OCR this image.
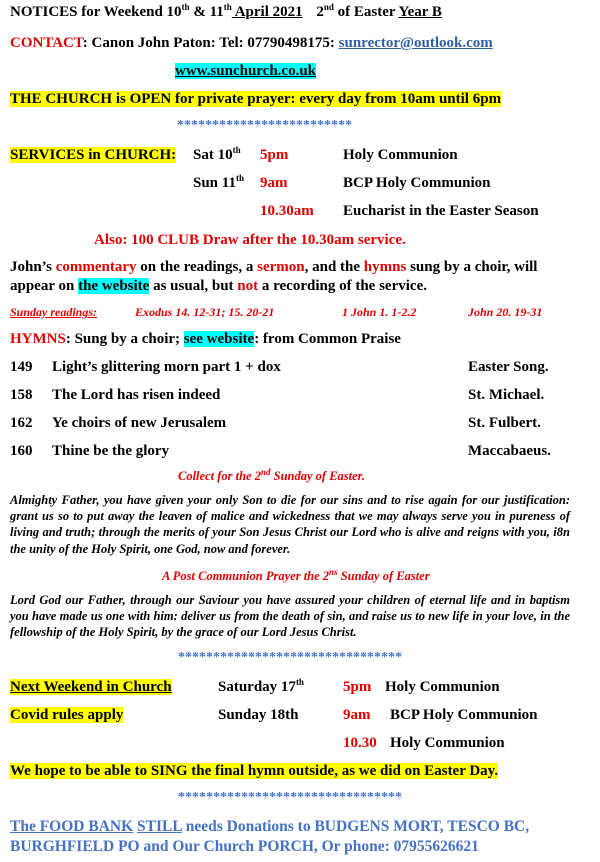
NOTICES for Weekend 10th & 11th April 2021 2nd of Easter Year B
CONTACT: Canon John Paton: Tel: 07790498175: sunrector@outlook.com
www.sunchurch.co.uk
THE CHURCH is OPEN for private prayer: every day from 10am until 6pm
*************************
SERVICES in CHURCH: Sat 10th 5pm	Holy Communion
Sun 11th 9am	BCP Holy Communion
10.30am Eucharist in the Easter Season
Also: 100 CLUB Draw after the 10.30am service.
John’s commentary on the readings, a sermon, and the hymns sung by a choir, will
appear on the website as usual, but not a recording of the service.
Sunday readings:	Exodus 14. 12-31; 15. 20-21	1 John 1. 1-2.2	John 20. 19-31
HYMNS: Sung by a choir; see website: from Common Praise
149 Light’s glittering morn part 1 + dox	Easter Song.
158 The Lord has risen indeed	St. Michael.
162 Ye choirs of new Jerusalem	St. Fulbert.
160 Thine be the glory	Maccabaeus.
Collect for the 2nd Sunday of Easter.
Almighty Father, you have given your only Son to die for our sins and to rise again for our justification: grant us so to put away the leaven of malice and wickedness that we may always serve you in pureness of living and truth; through the merits of your Son Jesus Christ our Lord who is alive and reigns with you, i8n the unity of the Holy Spirit, one God, now and forever.
A Post Communion Prayer the $2^{ns}$ Sunday of Easter
Lord God our Father, through our Saviour you have assured your children of eternal life and in baptism you have made us one with him: deliver us from the death of sin, and raise us to new life in your love, in the fellowship of the Holy Spirit, by the grace of our Lord Jesus Christ.
********************************
Next Weekend in Church	Saturday 17th	5pm Holy Communion
Covid rules apply	Sunday 18th	9am BCP Holy Communion
10.30 Holy Communion
We hope to be able to SING the final hymn outside, as we did on Easter Day.
********************************
The FOOD BANK STILL needs Donations to BUDGENS MORT, TESCO BC,
BURGHFIELD PO and Our Church PORCH, Or phone: 07955626621
